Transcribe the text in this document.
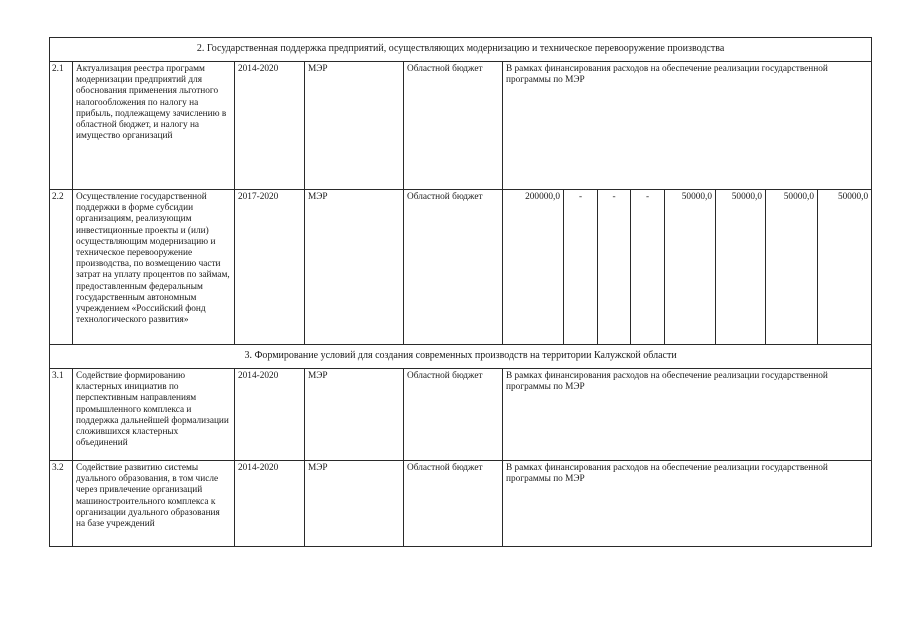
2. Государственная поддержка предприятий, осуществляющих модернизацию и техническое перевооружение производства												
2.1	Актуализация реестра программ модернизации предприятий для обоснования применения льготного налогообложения по налогу на прибыль, подлежащему зачислению в областной бюджет, и налогу на имущество организаций	2014-2020	МЭР	Областной бюджет	В рамках финансирования расходов на обеспечение реализации государственной программы по МЭР							
2.2	Осуществление государственной поддержки в форме субсидии организациям, реализующим инвестиционные проекты и (или) осуществляющим модернизацию и техническое перевооружение производства, по возмещению части затрат на уплату процентов по займам, предоставленным федеральным государственным автономным учреждением «Российский фонд технологического развития»	2017-2020	МЭР	Областной бюджет	200000,0	-	-	-	50000,0	50000,0	50000,0	50000,0
3. Формирование условий для создания современных производств на территории Калужской области												
3.1	Содействие формированию кластерных инициатив по перспективным направлениям промышленного комплекса и поддержка дальнейшей формализации сложившихся кластерных объединений	2014-2020	МЭР	Областной бюджет	В рамках финансирования расходов на обеспечение реализации государственной программы по МЭР							
3.2	Содействие развитию системы дуального образования, в том числе через привлечение организаций машиностроительного комплекса к организации дуального образования на базе учреждений	2014-2020	МЭР	Областной бюджет	В рамках финансирования расходов на обеспечение реализации государственной программы по МЭР							
